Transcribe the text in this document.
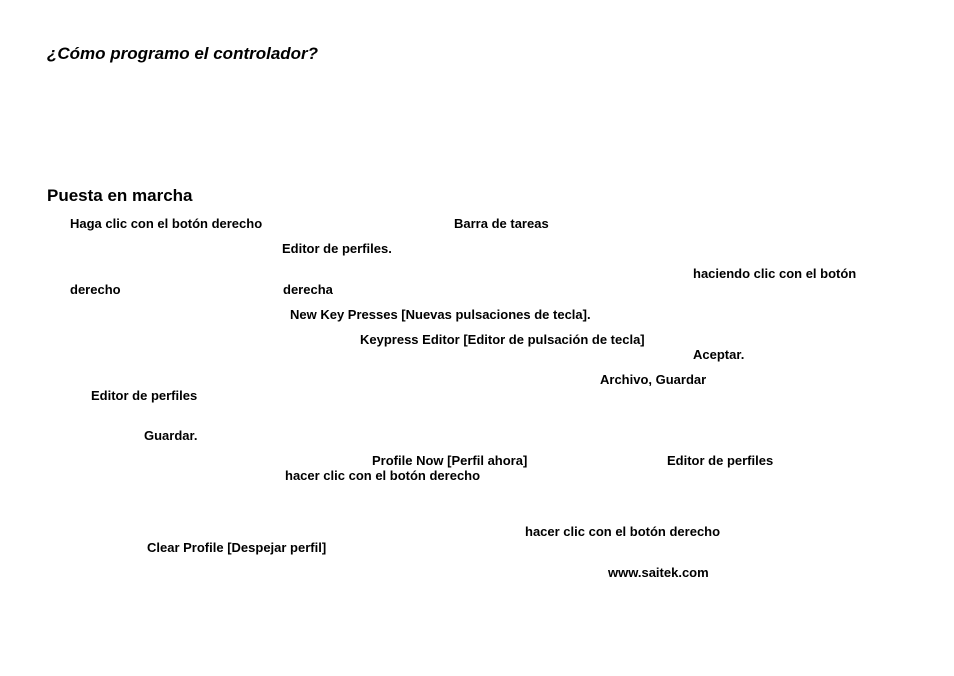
¿Cómo programo el controlador?
Puesta en marcha
Haga clic con el botón derecho	Barra de tareas
Editor de perfiles.
haciendo clic con el botón
derecho	derecha
New Key Presses [Nuevas pulsaciones de tecla].
Keypress Editor [Editor de pulsación de tecla]
Aceptar.
Archivo, Guardar
Editor de perfiles
Guardar.
Profile Now [Perfil ahora]	Editor de perfiles
hacer clic con el botón derecho
hacer clic con el botón derecho
Clear Profile [Despejar perfil]
www.saitek.com
